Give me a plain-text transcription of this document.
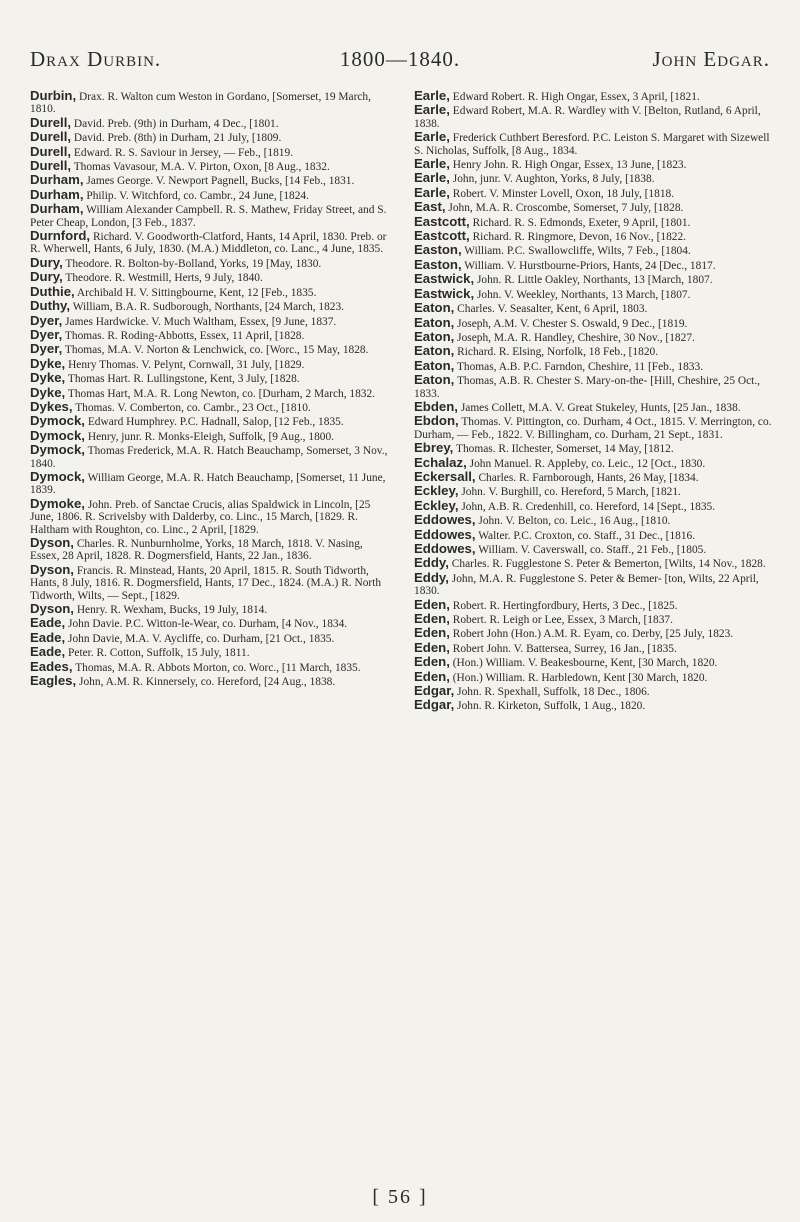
Drax Durbin.	1800—1840.	John Edgar.

Durbin, Drax. R. Walton cum Weston in Gordano, [Somerset, 19 March, 1810.

Durell, David. Preb. (9th) in Durham, 4 Dec., [1801.

Durell, David. Preb. (8th) in Durham, 21 July, [1809.

Durell, Edward. R. S. Saviour in Jersey, — Feb., [1819.

Durell, Thomas Vavasour, M.A. V. Pirton, Oxon, [8 Aug., 1832.

Durham, James George. V. Newport Pagnell, Bucks, [14 Feb., 1831.

Durham, Philip. V. Witchford, co. Cambr., 24 June, [1824.

Durham, William Alexander Campbell. R. S. Mathew, Friday Street, and S. Peter Cheap, London, [3 Feb., 1837.

Durnford, Richard. V. Goodworth-Clatford, Hants, 14 April, 1830. Preb. or R. Wherwell, Hants, 6 July, 1830. (M.A.) Middleton, co. Lanc., 4 June, 1835.

Dury, Theodore. R. Bolton-by-Bolland, Yorks, 19 [May, 1830.

Dury, Theodore. R. Westmill, Herts, 9 July, 1840.

Duthie, Archibald H. V. Sittingbourne, Kent, 12 [Feb., 1835.

Duthy, William, B.A. R. Sudborough, Northants, [24 March, 1823.

Dyer, James Hardwicke. V. Much Waltham, Essex, [9 June, 1837.

Dyer, Thomas. R. Roding-Abbotts, Essex, 11 April, [1828.

Dyer, Thomas, M.A. V. Norton & Lenchwick, co. [Worc., 15 May, 1828.

Dyke, Henry Thomas. V. Pelynt, Cornwall, 31 July, [1829.

Dyke, Thomas Hart. R. Lullingstone, Kent, 3 July, [1828.

Dyke, Thomas Hart, M.A. R. Long Newton, co. [Durham, 2 March, 1832.

Dykes, Thomas. V. Comberton, co. Cambr., 23 Oct., [1810.

Dymock, Edward Humphrey. P.C. Hadnall, Salop, [12 Feb., 1835.

Dymock, Henry, junr. R. Monks-Eleigh, Suffolk, [9 Aug., 1800.

Dymock, Thomas Frederick, M.A. R. Hatch Beauchamp, Somerset, 3 Nov., 1840.

Dymock, William George, M.A. R. Hatch Beauchamp, [Somerset, 11 June, 1839.

Dymoke, John. Preb. of Sanctae Crucis, alias Spaldwick in Lincoln, [25 June, 1806. R. Scrivelsby with Dalderby, co. Linc., 15 March, [1829. R. Haltham with Roughton, co. Linc., 2 April, [1829.

Dyson, Charles. R. Nunburnholme, Yorks, 18 March, 1818. V. Nasing, Essex, 28 April, 1828. R. Dogmersfield, Hants, 22 Jan., 1836.

Dyson, Francis. R. Minstead, Hants, 20 April, 1815. R. South Tidworth, Hants, 8 July, 1816. R. Dogmersfield, Hants, 17 Dec., 1824. (M.A.) R. North Tidworth, Wilts, — Sept., [1829.

Dyson, Henry. R. Wexham, Bucks, 19 July, 1814.

Eade, John Davie. P.C. Witton-le-Wear, co. Durham, [4 Nov., 1834.

Eade, John Davie, M.A. V. Aycliffe, co. Durham, [21 Oct., 1835.

Eade, Peter. R. Cotton, Suffolk, 15 July, 1811.

Eades, Thomas, M.A. R. Abbots Morton, co. Worc., [11 March, 1835.

Eagles, John, A.M. R. Kinnersely, co. Hereford, [24 Aug., 1838.

Earle, Edward Robert. R. High Ongar, Essex, 3 April, [1821.

Earle, Edward Robert, M.A. R. Wardley with V. [Belton, Rutland, 6 April, 1838.

Earle, Frederick Cuthbert Beresford. P.C. Leiston S. Margaret with Sizewell S. Nicholas, Suffolk, [8 Aug., 1834.

Earle, Henry John. R. High Ongar, Essex, 13 June, [1823.

Earle, John, junr. V. Aughton, Yorks, 8 July, [1838.

Earle, Robert. V. Minster Lovell, Oxon, 18 July, [1818.

East, John, M.A. R. Croscombe, Somerset, 7 July, [1828.

Eastcott, Richard. R. S. Edmonds, Exeter, 9 April, [1801.

Eastcott, Richard. R. Ringmore, Devon, 16 Nov., [1822.

Easton, William. P.C. Swallowcliffe, Wilts, 7 Feb., [1804.

Easton, William. V. Hurstbourne-Priors, Hants, 24 [Dec., 1817.

Eastwick, John. R. Little Oakley, Northants, 13 [March, 1807.

Eastwick, John. V. Weekley, Northants, 13 March, [1807.

Eaton, Charles. V. Seasalter, Kent, 6 April, 1803.

Eaton, Joseph, A.M. V. Chester S. Oswald, 9 Dec., [1819.

Eaton, Joseph, M.A. R. Handley, Cheshire, 30 Nov., [1827.

Eaton, Richard. R. Elsing, Norfolk, 18 Feb., [1820.

Eaton, Thomas, A.B. P.C. Farndon, Cheshire, 11 [Feb., 1833.

Eaton, Thomas, A.B. R. Chester S. Mary-on-the- [Hill, Cheshire, 25 Oct., 1833.

Ebden, James Collett, M.A. V. Great Stukeley, Hunts, [25 Jan., 1838.

Ebdon, Thomas. V. Pittington, co. Durham, 4 Oct., 1815. V. Merrington, co. Durham, — Feb., 1822. V. Billingham, co. Durham, 21 Sept., 1831.

Ebrey, Thomas. R. Ilchester, Somerset, 14 May, [1812.

Echalaz, John Manuel. R. Appleby, co. Leic., 12 [Oct., 1830.

Eckersall, Charles. R. Farnborough, Hants, 26 May, [1834.

Eckley, John. V. Burghill, co. Hereford, 5 March, [1821.

Eckley, John, A.B. R. Credenhill, co. Hereford, 14 [Sept., 1835.

Eddowes, John. V. Belton, co. Leic., 16 Aug., [1810.

Eddowes, Walter. P.C. Croxton, co. Staff., 31 Dec., [1816.

Eddowes, William. V. Caverswall, co. Staff., 21 Feb., [1805.

Eddy, Charles. R. Fugglestone S. Peter & Bemerton, [Wilts, 14 Nov., 1828.

Eddy, John, M.A. R. Fugglestone S. Peter & Bemer- [ton, Wilts, 22 April, 1830.

Eden, Robert. R. Hertingfordbury, Herts, 3 Dec., [1825.

Eden, Robert. R. Leigh or Lee, Essex, 3 March, [1837.

Eden, Robert John (Hon.) A.M. R. Eyam, co. Derby, [25 July, 1823.

Eden, Robert John. V. Battersea, Surrey, 16 Jan., [1835.

Eden, (Hon.) William. V. Beakesbourne, Kent, [30 March, 1820.

Eden, (Hon.) William. R. Harbledown, Kent [30 March, 1820.

Edgar, John. R. Spexhall, Suffolk, 18 Dec., 1806.

Edgar, John. R. Kirketon, Suffolk, 1 Aug., 1820.

[ 56 ]
